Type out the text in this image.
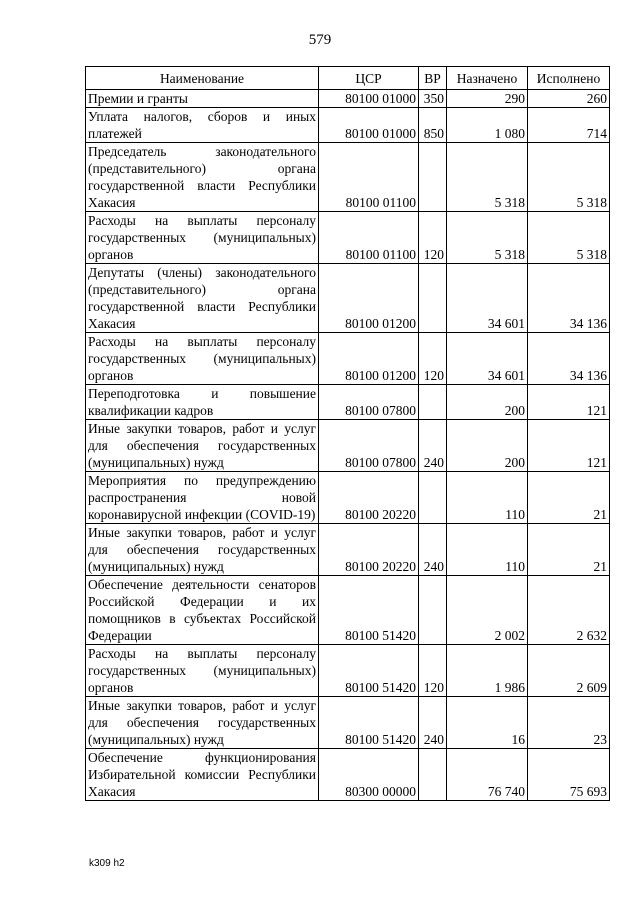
579
Наименование	ЦСР	ВР	Назначено	Исполнено
Премии и гранты	80100 01000	350	290	260
Уплата налогов, сборов и иных платежей	80100 01000	850	1 080	714
Председатель законодательного (представительного) органа государственной власти Республики Хакасия	80100 01100		5 318	5 318
Расходы на выплаты персоналу государственных (муниципальных) органов	80100 01100	120	5 318	5 318
Депутаты (члены) законодательного (представительного) органа государственной власти Республики Хакасия	80100 01200		34 601	34 136
Расходы на выплаты персоналу государственных (муниципальных) органов	80100 01200	120	34 601	34 136
Переподготовка и повышение квалификации кадров	80100 07800		200	121
Иные закупки товаров, работ и услуг для обеспечения государственных (муниципальных) нужд	80100 07800	240	200	121
Мероприятия по предупреждению распространения новой коронавирусной инфекции (COVID-19)	80100 20220		110	21
Иные закупки товаров, работ и услуг для обеспечения государственных (муниципальных) нужд	80100 20220	240	110	21
Обеспечение деятельности сенаторов Российской Федерации и их помощников в субъектах Российской Федерации	80100 51420		2 002	2 632
Расходы на выплаты персоналу государственных (муниципальных) органов	80100 51420	120	1 986	2 609
Иные закупки товаров, работ и услуг для обеспечения государственных (муниципальных) нужд	80100 51420	240	16	23
Обеспечение функционирования Избирательной комиссии Республики Хакасия	80300 00000		76 740	75 693
k309 h2
